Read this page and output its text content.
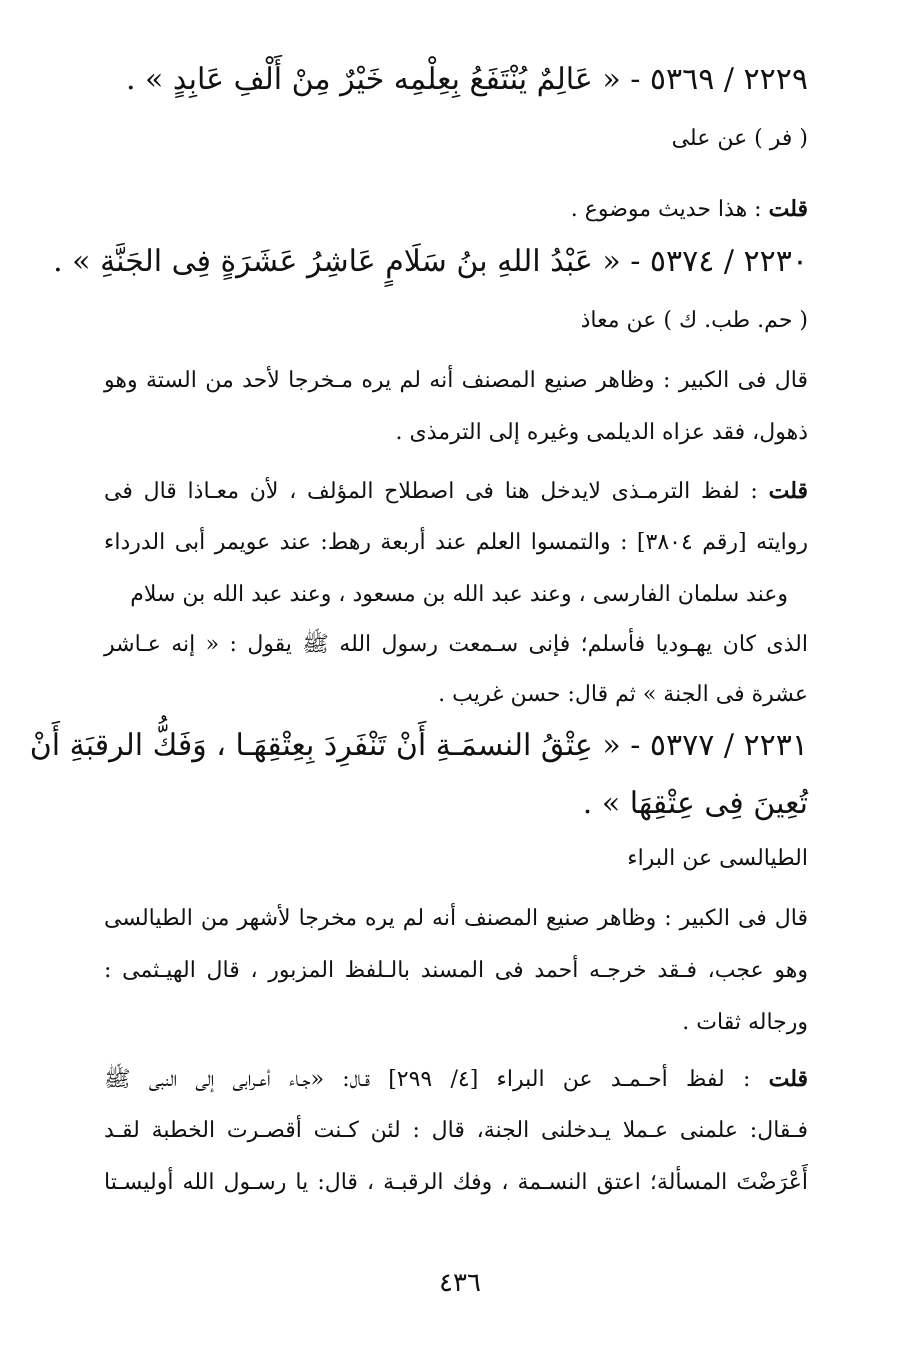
٢٢٢٩ / ٥٣٦٩ - « عَالِمٌ يُنْتَفَعُ بِعِلْمِه خَيْرٌ مِنْ أَلْفِ عَابِدٍ » .
( فر ) عن على
قلت : هذا حديث موضوع .
٢٢٣٠ / ٥٣٧٤ - « عَبْدُ اللهِ بنُ سَلَامٍ عَاشِرُ عَشَرَةٍ فِى الجَنَّةِ » .
( حم. طب. ك ) عن معاذ
قال فى الكبير : وظاهر صنيع المصنف أنه لم يره مـخرجا لأحد من الستة وهو
ذهول، فقد عزاه الديلمى وغيره إلى الترمذى .
قلت : لفظ الترمـذى لايدخل هنا فى اصطلاح المؤلف ، لأن معـاذا قال فى
روايته [رقم ٣٨٠٤] : والتمسوا العلم عند أربعة رهط: عند عويمر أبى الدرداء
وعند سلمان الفارسى ، وعند عبد الله بن مسعود ، وعند عبد الله بن سلام
الذى كان يهـوديا فأسلم؛ فإنى سـمعت رسول الله ﷺ يقول : « إنه عـاشر
عشرة فى الجنة » ثم قال: حسن غريب .
٢٢٣١ / ٥٣٧٧ - « عِتْقُ النسمَـةِ أَنْ تَنْفَرِدَ بِعِتْقِهَـا ، وَفَكُّ الرقبَةِ أَنْ
تُعِينَ فِى عِتْقِهَا » .
الطيالسى عن البراء
قال فى الكبير : وظاهر صنيع المصنف أنه لم يره مخرجا لأشهر من الطيالسى
وهو عجب، فـقد خرجـه أحمد فى المسند بالـلفظ المزبور ، قال الهيـثمى :
ورجاله ثقات .
قلت : لفظ أحـمـد عن البراء [٤/ ٢٩٩] قـال: «جـاء أعـرابى إلى النبى ﷺ
فـقال: علمنى عـملا يـدخلنى الجنة، قال : لئن كـنت أقصـرت الخطبة لقـد
أَعْرَضْتَ المسألة؛ اعتق النسـمة ، وفك الرقبـة ، قال: يا رسـول الله أوليسـتا
٤٣٦
